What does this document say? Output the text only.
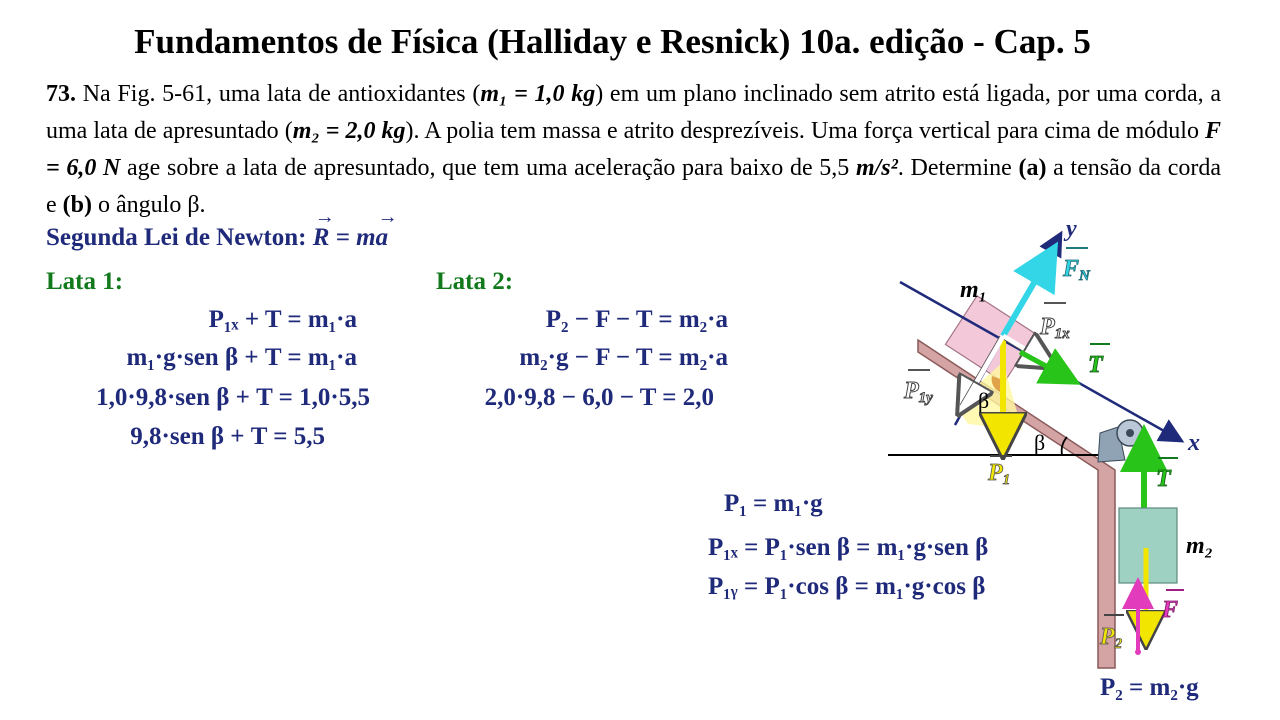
Fundamentos de Física (Halliday e Resnick) 10a. edição - Cap. 5
73. Na Fig. 5-61, uma lata de antioxidantes (m₁ = 1,0 kg) em um plano inclinado sem atrito está ligada, por uma corda, a uma lata de apresuntado (m₂ = 2,0 kg). A polia tem massa e atrito desprezíveis. Uma força vertical para cima de módulo F = 6,0 N age sobre a lata de apresuntado, que tem uma aceleração para baixo de 5,5 m/s². Determine (a) a tensão da corda e (b) o ângulo β.
Segunda Lei de Newton: → R = m→ a
Lata 1:	Lata 2:
P₁ₓ + T = m₁·a
m₁·g·sen β + T = m₁·a
1,0·9,8·sen β + T = 1,0·5,5
9,8·sen β + T = 5,5
P₂ − F − T = m₂·a
m₂·g − F − T = m₂·a
2,0·9,8 − 6,0 − T = 2,0
P₁ = m₁·g
P₁ₓ = P₁·sen β = m₁·g·sen β
P₁ᵧ = P₁·cos β = m₁·g·cos β
P₂ = m₂·g
β	x
y
FN
P1
P1x
P1y β
T
m₁
T
m₂
P2
F
